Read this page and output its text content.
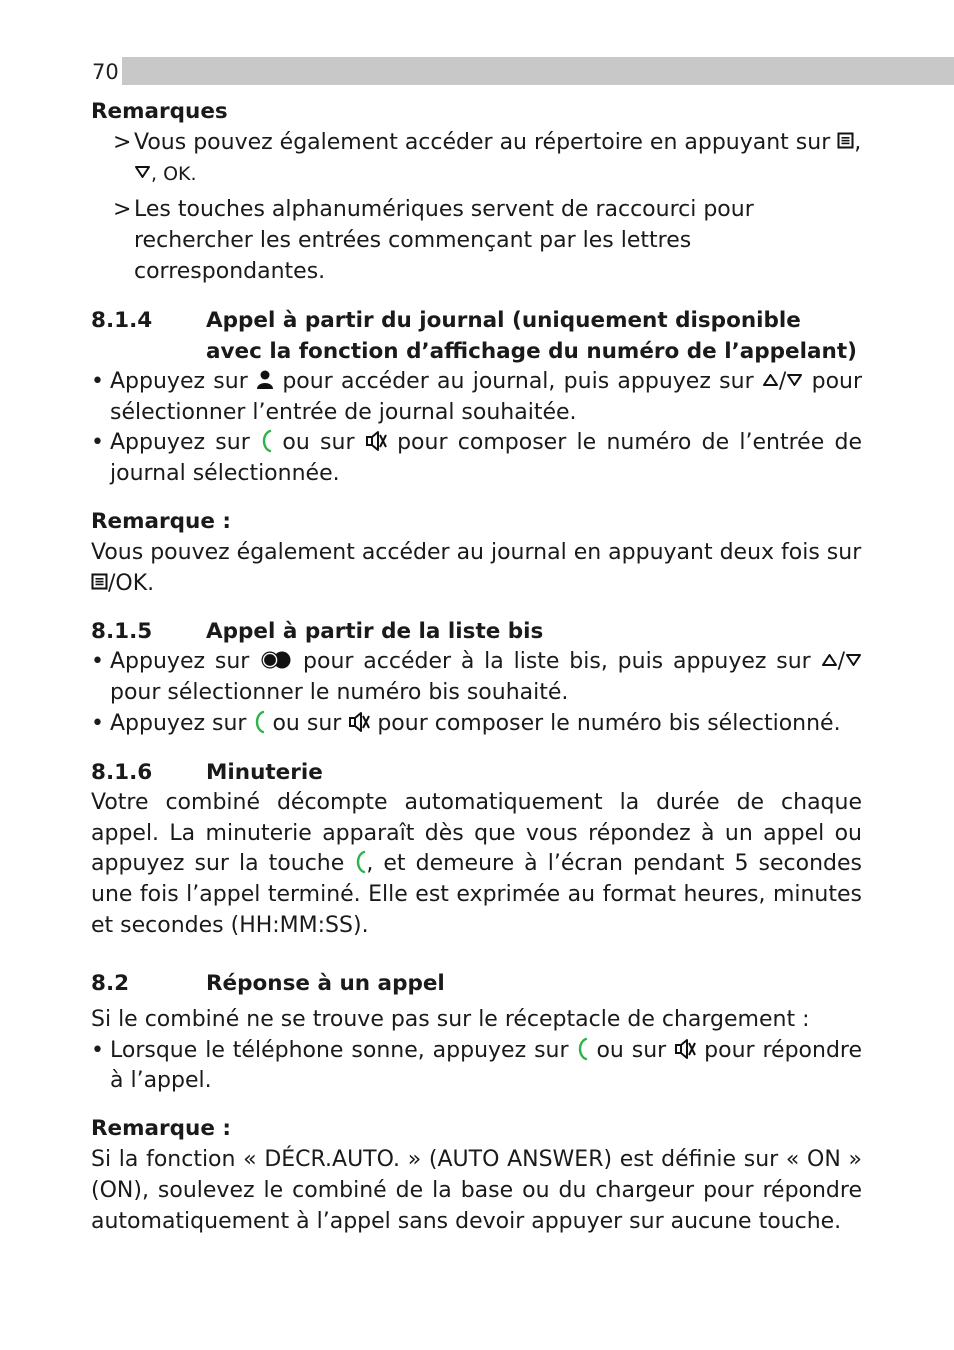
70
Remarques
> Vous pouvez également accéder au répertoire en appuyant sur ,
, OK.
> Les touches alphanumériques servent de raccourci pour rechercher les entrées commençant par les lettres correspondantes.
8.1.4	Appel à partir du journal (uniquement disponible avec la fonction d’affichage du numéro de l’appelant)
• Appuyez sur pour accéder au journal, puis appuyez sur / pour sélectionner l’entrée de journal souhaitée.
• Appuyez sur ou sur pour composer le numéro de l’entrée de journal sélectionnée.
Remarque :
Vous pouvez également accéder au journal en appuyant deux fois sur
/OK.
8.1.5	Appel à partir de la liste bis
• Appuyez sur pour accéder à la liste bis, puis appuyez sur / pour sélectionner le numéro bis souhaité.
• Appuyez sur ou sur pour composer le numéro bis sélectionné.
8.1.6	Minuterie
Votre combiné décompte automatiquement la durée de chaque appel. La minuterie apparaît dès que vous répondez à un appel ou appuyez sur la touche , et demeure à l’écran pendant 5 secondes une fois l’appel terminé. Elle est exprimée au format heures, minutes et secondes (HH:MM:SS).
8.2	Réponse à un appel
Si le combiné ne se trouve pas sur le réceptacle de chargement :
• Lorsque le téléphone sonne, appuyez sur ou sur pour répondre à l’appel.
Remarque :
Si la fonction « DÉCR.AUTO. » (AUTO ANSWER) est définie sur « ON » (ON), soulevez le combiné de la base ou du chargeur pour répondre automatiquement à l’appel sans devoir appuyer sur aucune touche.
